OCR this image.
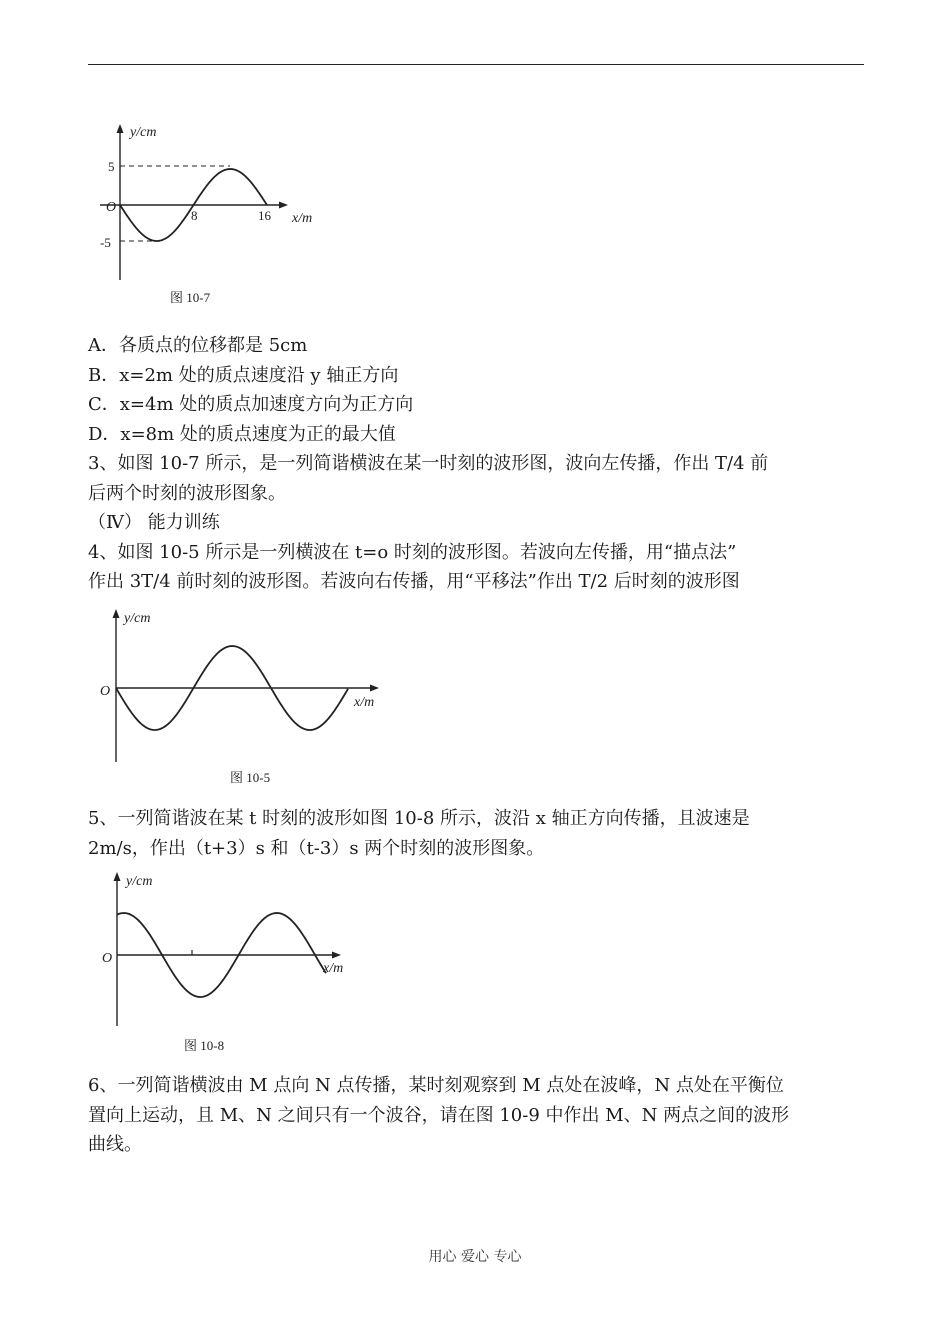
y/cm
O
5
-5
8	16 x/m
图 10-7
A．各质点的位移都是 5cm
B．x=2m 处的质点速度沿 y 轴正方向
C．x=4m 处的质点加速度方向为正方向
D．x=8m 处的质点速度为正的最大值
3、如图 10-7 所示，是一列简谐横波在某一时刻的波形图，波向左传播，作出 T/4 前
后两个时刻的波形图象。
（Ⅳ） 能力训练
4、如图 10-5 所示是一列横波在 t=o 时刻的波形图。若波向左传播，用“描点法”
作出 3T/4 前时刻的波形图。若波向右传播，用“平移法”作出 T/2 后时刻的波形图
y/cm
O
x/m
图 10-5
5、一列简谐波在某 t 时刻的波形如图 10-8 所示，波沿 x 轴正方向传播，且波速是
2m/s，作出（t+3）s 和（t-3）s 两个时刻的波形图象。
y/cm
O
x/m
图 10-8
6、一列简谐横波由 M 点向 N 点传播，某时刻观察到 M 点处在波峰，N 点处在平衡位
置向上运动，且 M、N 之间只有一个波谷，请在图 10-9 中作出 M、N 两点之间的波形
曲线。
用心 爱心 专心
